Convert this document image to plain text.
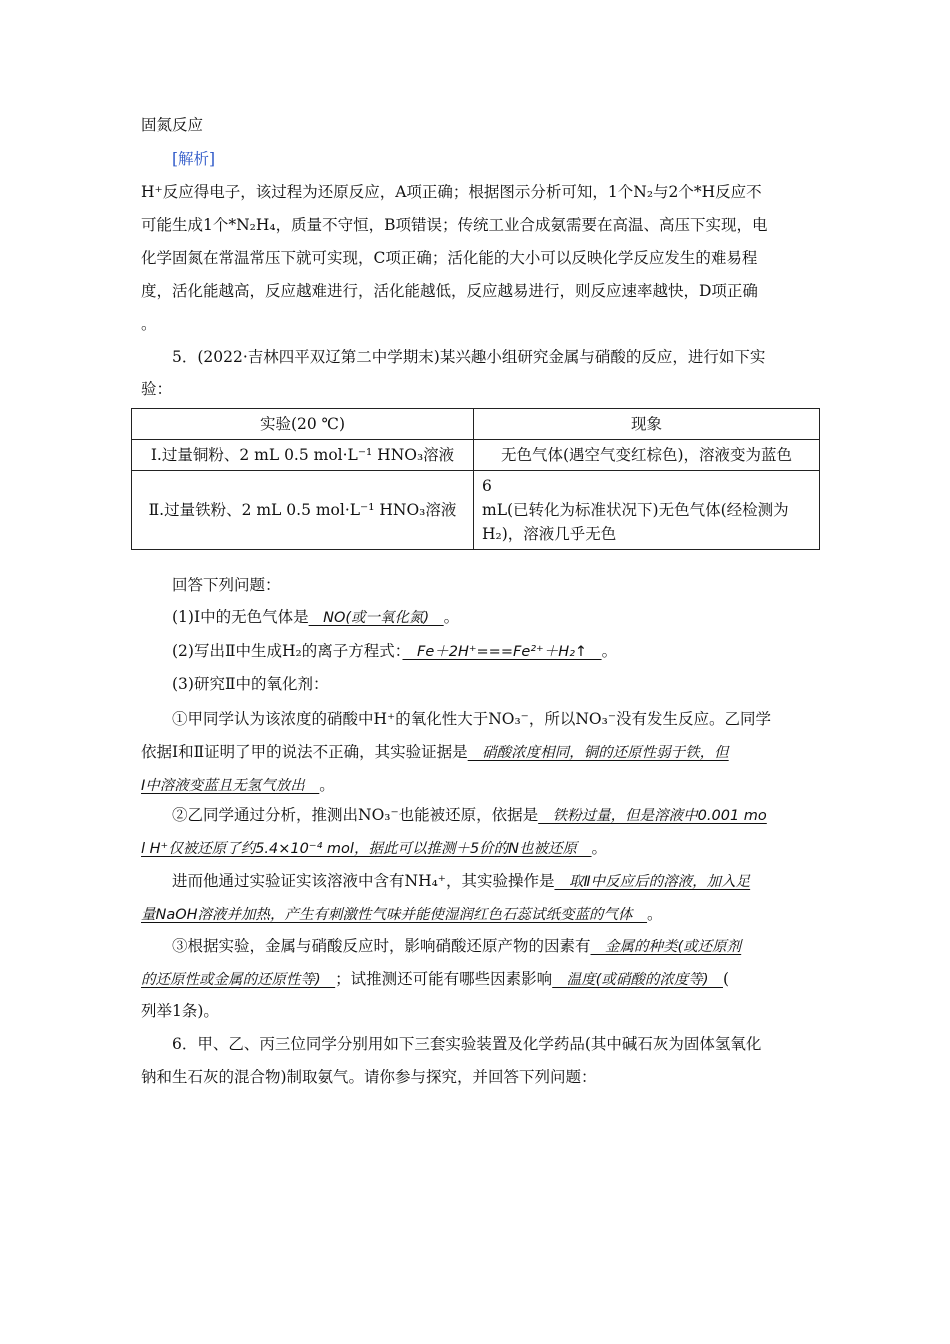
固氮反应
[解析]
H⁺反应得电子，该过程为还原反应，A项正确；根据图示分析可知，1个N₂与2个*H反应不
可能生成1个*N₂H₄，质量不守恒，B项错误；传统工业合成氨需要在高温、高压下实现，电
化学固氮在常温常压下就可实现，C项正确；活化能的大小可以反映化学反应发生的难易程
度，活化能越高，反应越难进行，活化能越低，反应越易进行，则反应速率越快，D项正确
。
5．(2022·吉林四平双辽第二中学期末)某兴趣小组研究金属与硝酸的反应，进行如下实
验：
实验(20 ℃)	现象
Ⅰ.过量铜粉、2 mL 0.5 mol·L⁻¹ HNO₃溶液	无色气体(遇空气变红棕色)，溶液变为蓝色
Ⅱ.过量铁粉、2 mL 0.5 mol·L⁻¹ HNO₃溶液	6
mL(已转化为标准状况下)无色气体(经检测为
H₂)，溶液几乎无色
回答下列问题：
(1)Ⅰ中的无色气体是　NO(或一氧化氮)　。
(2)写出Ⅱ中生成H₂的离子方程式：　Fe＋2H⁺===Fe²⁺＋H₂↑　。
(3)研究Ⅱ中的氧化剂：
①甲同学认为该浓度的硝酸中H⁺的氧化性大于NO₃⁻，所以NO₃⁻没有发生反应。乙同学
依据Ⅰ和Ⅱ证明了甲的说法不正确，其实验证据是　硝酸浓度相同，铜的还原性弱于铁，但
Ⅰ中溶液变蓝且无氢气放出　。
②乙同学通过分析，推测出NO₃⁻也能被还原，依据是　铁粉过量，但是溶液中0.001 mo
l H⁺仅被还原了约5.4×10⁻⁴ mol，据此可以推测＋5价的N也被还原　。
进而他通过实验证实该溶液中含有NH₄⁺，其实验操作是　取Ⅱ中反应后的溶液，加入足
量NaOH溶液并加热，产生有刺激性气味并能使湿润红色石蕊试纸变蓝的气体　。
③根据实验，金属与硝酸反应时，影响硝酸还原产物的因素有　金属的种类(或还原剂
的还原性或金属的还原性等)　；试推测还可能有哪些因素影响　温度(或硝酸的浓度等)　(
列举1条)。
6．甲、乙、丙三位同学分别用如下三套实验装置及化学药品(其中碱石灰为固体氢氧化
钠和生石灰的混合物)制取氨气。请你参与探究，并回答下列问题：
